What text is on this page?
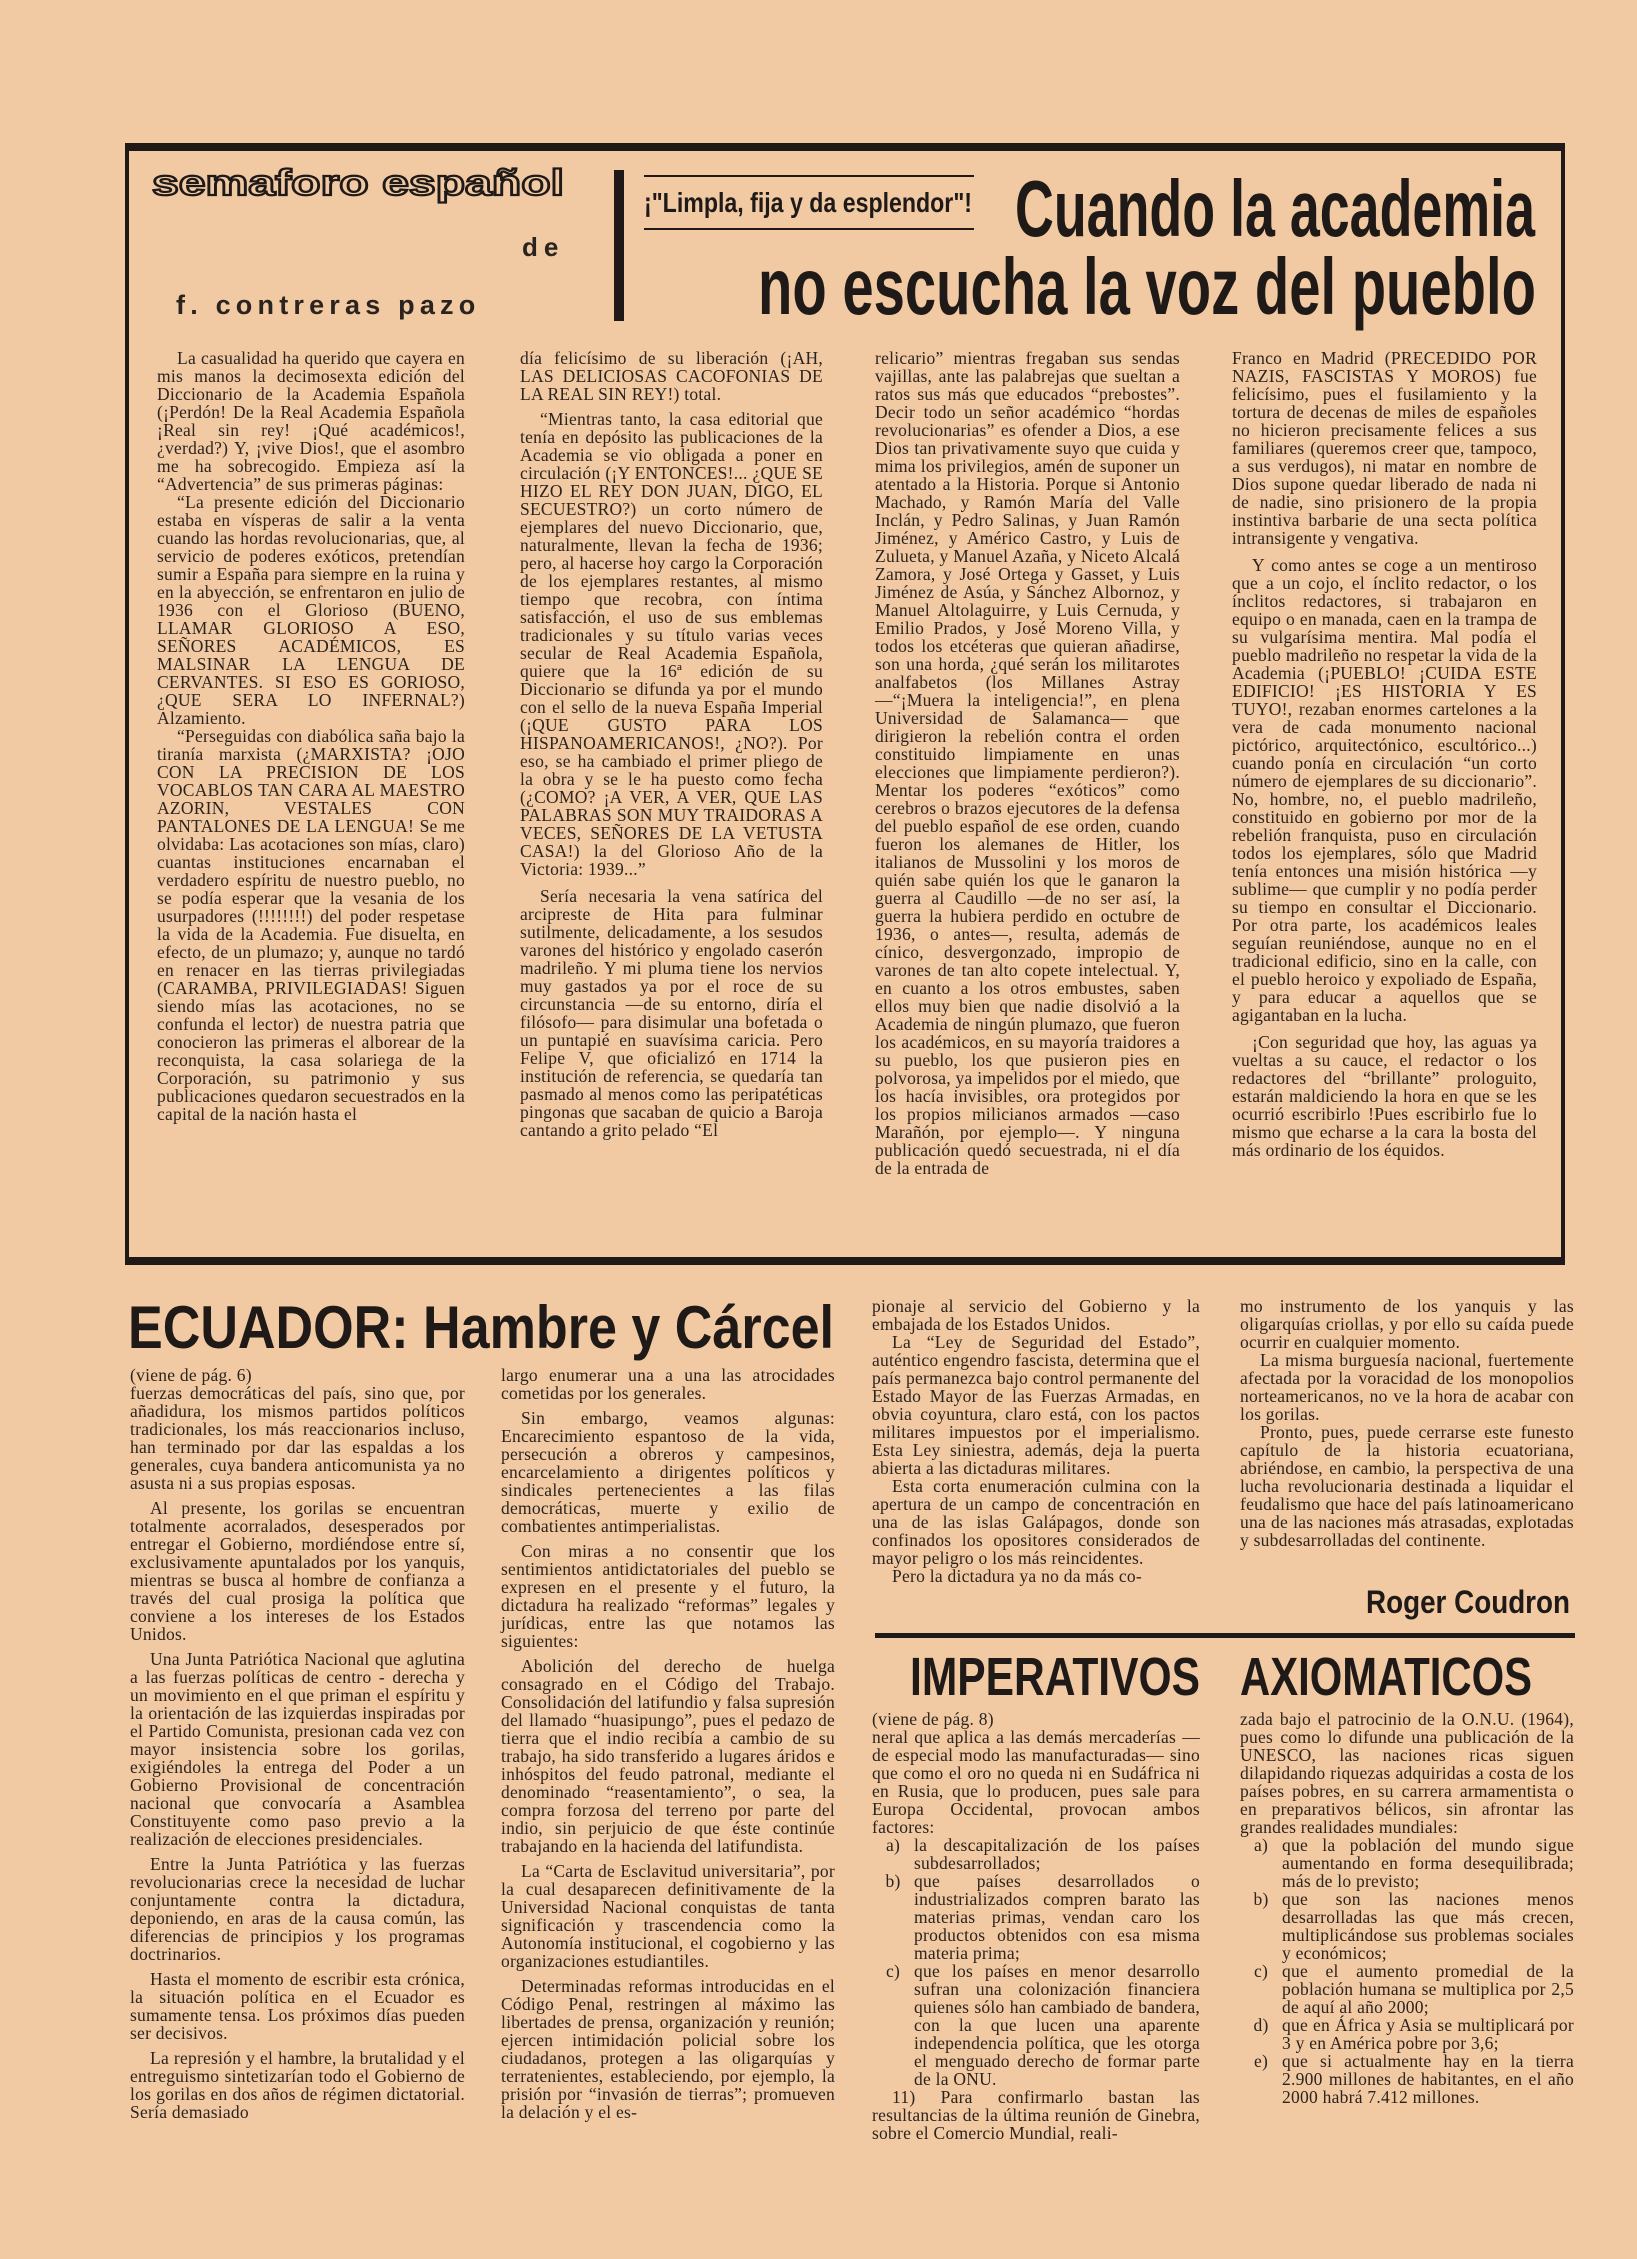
semaforo español
de
f. contreras pazo
¡"Limpla, fija y da esplendor"! Cuando la academia
no escucha la voz del pueblo

La casualidad ha querido que cayera en mis manos la decimosexta edición del Diccionario de la Academia Española (¡Perdón! De la Real Academia Española ¡Real sin rey! ¡Qué académicos!, ¿verdad?) Y, ¡vive Dios!, que el asombro me ha sobrecogido. Empieza así la “Advertencia” de sus primeras páginas:

“La presente edición del Diccionario estaba en vísperas de salir a la venta cuando las hordas revolucionarias, que, al servicio de poderes exóticos, pretendían sumir a España para siempre en la ruina y en la abyección, se enfrentaron en julio de 1936 con el Glorioso (BUENO, LLAMAR GLORIOSO A ESO, SEÑORES ACADÉMICOS, ES MALSINAR LA LENGUA DE CERVANTES. SI ESO ES GORIOSO, ¿QUE SERA LO INFERNAL?) Alzamiento.

“Perseguidas con diabólica saña bajo la tiranía marxista (¿MARXISTA? ¡OJO CON LA PRECISION DE LOS VOCABLOS TAN CARA AL MAESTRO AZORIN, VESTALES CON PANTALONES DE LA LENGUA! Se me olvidaba: Las acotaciones son mías, claro) cuantas instituciones encarnaban el verdadero espíritu de nuestro pueblo, no se podía esperar que la vesania de los usurpadores (!!!!!!!!) del poder respetase la vida de la Academia. Fue disuelta, en efecto, de un plumazo; y, aunque no tardó en renacer en las tierras privilegiadas (CARAMBA, PRIVILEGIADAS! Siguen siendo mías las acotaciones, no se confunda el lector) de nuestra patria que conocieron las primeras el alborear de la reconquista, la casa solariega de la Corporación, su patrimonio y sus publicaciones quedaron secuestrados en la capital de la nación hasta el

día felicísimo de su liberación (¡AH, LAS DELICIOSAS CACOFONIAS DE LA REAL SIN REY!) total.

“Mientras tanto, la casa editorial que tenía en depósito las publicaciones de la Academia se vio obligada a poner en circulación (¡Y ENTONCES!... ¿QUE SE HIZO EL REY DON JUAN, DIGO, EL SECUESTRO?) un corto número de ejemplares del nuevo Diccionario, que, naturalmente, llevan la fecha de 1936; pero, al hacerse hoy cargo la Corporación de los ejemplares restantes, al mismo tiempo que recobra, con íntima satisfacción, el uso de sus emblemas tradicionales y su título varias veces secular de Real Academia Española, quiere que la 16ª edición de su Diccionario se difunda ya por el mundo con el sello de la nueva España Imperial (¡QUE GUSTO PARA LOS HISPANOAMERICANOS!, ¿NO?). Por eso, se ha cambiado el primer pliego de la obra y se le ha puesto como fecha (¿COMO? ¡A VER, A VER, QUE LAS PALABRAS SON MUY TRAIDORAS A VECES, SEÑORES DE LA VETUSTA CASA!) la del Glorioso Año de la Victoria: 1939...”

Sería necesaria la vena satírica del arcipreste de Hita para fulminar sutilmente, delicadamente, a los sesudos varones del histórico y engolado caserón madrileño. Y mi pluma tiene los nervios muy gastados ya por el roce de su circunstancia —de su entorno, diría el filósofo— para disimular una bofetada o un puntapié en suavísima caricia. Pero Felipe V, que oficializó en 1714 la institución de referencia, se quedaría tan pasmado al menos como las peripatéticas pingonas que sacaban de quicio a Baroja cantando a grito pelado “El

relicario” mientras fregaban sus sendas vajillas, ante las palabrejas que sueltan a ratos sus más que educados “prebostes”. Decir todo un señor académico “hordas revolucionarias” es ofender a Dios, a ese Dios tan privativamente suyo que cuida y mima los privilegios, amén de suponer un atentado a la Historia. Porque si Antonio Machado, y Ramón María del Valle Inclán, y Pedro Salinas, y Juan Ramón Jiménez, y Américo Castro, y Luis de Zulueta, y Manuel Azaña, y Niceto Alcalá Zamora, y José Ortega y Gasset, y Luis Jiménez de Asúa, y Sánchez Albornoz, y Manuel Altolaguirre, y Luis Cernuda, y Emilio Prados, y José Moreno Villa, y todos los etcéteras que quieran añadirse, son una horda, ¿qué serán los militarotes analfabetos (los Millanes Astray —“¡Muera la inteligencia!”, en plena Universidad de Salamanca— que dirigieron la rebelión contra el orden constituido limpiamente en unas elecciones que limpiamente perdieron?). Mentar los poderes “exóticos” como cerebros o brazos ejecutores de la defensa del pueblo español de ese orden, cuando fueron los alemanes de Hitler, los italianos de Mussolini y los moros de quién sabe quién los que le ganaron la guerra al Caudillo —de no ser así, la guerra la hubiera perdido en octubre de 1936, o antes—, resulta, además de cínico, desvergonzado, impropio de varones de tan alto copete intelectual. Y, en cuanto a los otros embustes, saben ellos muy bien que nadie disolvió a la Academia de ningún plumazo, que fueron los académicos, en su mayoría traidores a su pueblo, los que pusieron pies en polvorosa, ya impelidos por el miedo, que los hacía invisibles, ora protegidos por los propios milicianos armados —caso Marañón, por ejemplo—. Y ninguna publicación quedó secuestrada, ni el día de la entrada de

Franco en Madrid (PRECEDIDO POR NAZIS, FASCISTAS Y MOROS) fue felicísimo, pues el fusilamiento y la tortura de decenas de miles de españoles no hicieron precisamente felices a sus familiares (queremos creer que, tampoco, a sus verdugos), ni matar en nombre de Dios supone quedar liberado de nada ni de nadie, sino prisionero de la propia instintiva barbarie de una secta política intransigente y vengativa.

Y como antes se coge a un mentiroso que a un cojo, el ínclito redactor, o los ínclitos redactores, si trabajaron en equipo o en manada, caen en la trampa de su vulgarísima mentira. Mal podía el pueblo madrileño no respetar la vida de la Academia (¡PUEBLO! ¡CUIDA ESTE EDIFICIO! ¡ES HISTORIA Y ES TUYO!, rezaban enormes cartelones a la vera de cada monumento nacional pictórico, arquitectónico, escultórico...) cuando ponía en circulación “un corto número de ejemplares de su diccionario”. No, hombre, no, el pueblo madrileño, constituido en gobierno por mor de la rebelión franquista, puso en circulación todos los ejemplares, sólo que Madrid tenía entonces una misión histórica —y sublime— que cumplir y no podía perder su tiempo en consultar el Diccionario. Por otra parte, los académicos leales seguían reuniéndose, aunque no en el tradicional edificio, sino en la calle, con el pueblo heroico y expoliado de España, y para educar a aquellos que se agigantaban en la lucha.

¡Con seguridad que hoy, las aguas ya vueltas a su cauce, el redactor o los redactores del “brillante” prologuito, estarán maldiciendo la hora en que se les ocurrió escribirlo !Pues escribirlo fue lo mismo que echarse a la cara la bosta del más ordinario de los équidos.

ECUADOR: Hambre y Cárcel

(viene de pág. 6)

fuerzas democráticas del país, sino que, por añadidura, los mismos partidos políticos tradicionales, los más reaccionarios incluso, han terminado por dar las espaldas a los generales, cuya bandera anticomunista ya no asusta ni a sus propias esposas.

Al presente, los gorilas se encuentran totalmente acorralados, desesperados por entregar el Gobierno, mordiéndose entre sí, exclusivamente apuntalados por los yanquis, mientras se busca al hombre de confianza a través del cual prosiga la política que conviene a los intereses de los Estados Unidos.

Una Junta Patriótica Nacional que aglutina a las fuerzas políticas de centro - derecha y un movimiento en el que priman el espíritu y la orientación de las izquierdas inspiradas por el Partido Comunista, presionan cada vez con mayor insistencia sobre los gorilas, exigiéndoles la entrega del Poder a un Gobierno Provisional de concentración nacional que convocaría a Asamblea Constituyente como paso previo a la realización de elecciones presidenciales.

Entre la Junta Patriótica y las fuerzas revolucionarias crece la necesidad de luchar conjuntamente contra la dictadura, deponiendo, en aras de la causa común, las diferencias de principios y los programas doctrinarios.

Hasta el momento de escribir esta crónica, la situación política en el Ecuador es sumamente tensa. Los próximos días pueden ser decisivos.

La represión y el hambre, la brutalidad y el entreguismo sintetizarían todo el Gobierno de los gorilas en dos años de régimen dictatorial. Sería demasiado

largo enumerar una a una las atrocidades cometidas por los generales.

Sin embargo, veamos algunas: Encarecimiento espantoso de la vida, persecución a obreros y campesinos, encarcelamiento a dirigentes políticos y sindicales pertenecientes a las filas democráticas, muerte y exilio de combatientes antimperialistas.

Con miras a no consentir que los sentimientos antidictatoriales del pueblo se expresen en el presente y el futuro, la dictadura ha realizado “reformas” legales y jurídicas, entre las que notamos las siguientes:

Abolición del derecho de huelga consagrado en el Código del Trabajo. Consolidación del latifundio y falsa supresión del llamado “huasipungo”, pues el pedazo de tierra que el indio recibía a cambio de su trabajo, ha sido transferido a lugares áridos e inhóspitos del feudo patronal, mediante el denominado “reasentamiento”, o sea, la compra forzosa del terreno por parte del indio, sin perjuicio de que éste continúe trabajando en la hacienda del latifundista.

La “Carta de Esclavitud universitaria”, por la cual desaparecen definitivamente de la Universidad Nacional conquistas de tanta significación y trascendencia como la Autonomía institucional, el cogobierno y las organizaciones estudiantiles.

Determinadas reformas introducidas en el Código Penal, restringen al máximo las libertades de prensa, organización y reunión; ejercen intimidación policial sobre los ciudadanos, protegen a las oligarquías y terratenientes, estableciendo, por ejemplo, la prisión por “invasión de tierras”; promueven la delación y el es-

pionaje al servicio del Gobierno y la embajada de los Estados Unidos.

La “Ley de Seguridad del Estado”, auténtico engendro fascista, determina que el país permanezca bajo control permanente del Estado Mayor de las Fuerzas Armadas, en obvia coyuntura, claro está, con los pactos militares impuestos por el imperialismo. Esta Ley siniestra, además, deja la puerta abierta a las dictaduras militares.

Esta corta enumeración culmina con la apertura de un campo de concentración en una de las islas Galápagos, donde son confinados los opositores considerados de mayor peligro o los más reincidentes.

Pero la dictadura ya no da más co-

mo instrumento de los yanquis y las oligarquías criollas, y por ello su caída puede ocurrir en cualquier momento.

La misma burguesía nacional, fuertemente afectada por la voracidad de los monopolios norteamericanos, no ve la hora de acabar con los gorilas.

Pronto, pues, puede cerrarse este funesto capítulo de la historia ecuatoriana, abriéndose, en cambio, la perspectiva de una lucha revolucionaria destinada a liquidar el feudalismo que hace del país latinoamericano una de las naciones más atrasadas, explotadas y subdesarrolladas del continente.

Roger Coudron
IMPERATIVOS AXIOMATICOS

(viene de pág. 8)

neral que aplica a las demás mercaderías —de especial modo las manufacturadas— sino que como el oro no queda ni en Sudáfrica ni en Rusia, que lo producen, pues sale para Europa Occidental, provocan ambos factores:

a) la descapitalización de los países subdesarrollados;

b) que países desarrollados o industrializados compren barato las materias primas, vendan caro los productos obtenidos con esa misma materia prima;

c) que los países en menor desarrollo sufran una colonización financiera quienes sólo han cambiado de bandera, con la que lucen una aparente independencia política, que les otorga el menguado derecho de formar parte de la ONU.

11) Para confirmarlo bastan las resultancias de la última reunión de Ginebra, sobre el Comercio Mundial, reali-

zada bajo el patrocinio de la O.N.U. (1964), pues como lo difunde una publicación de la UNESCO, las naciones ricas siguen dilapidando riquezas adquiridas a costa de los países pobres, en su carrera armamentista o en preparativos bélicos, sin afrontar las grandes realidades mundiales:

a) que la población del mundo sigue aumentando en forma desequilibrada; más de lo previsto;

b) que son las naciones menos desarrolladas las que más crecen, multiplicándose sus problemas sociales y económicos;

c) que el aumento promedial de la población humana se multiplica por 2,5 de aquí al año 2000;

d) que en África y Asia se multiplicará por 3 y en América pobre por 3,6;

e) que si actualmente hay en la tierra 2.900 millones de habitantes, en el año 2000 habrá 7.412 millones.
